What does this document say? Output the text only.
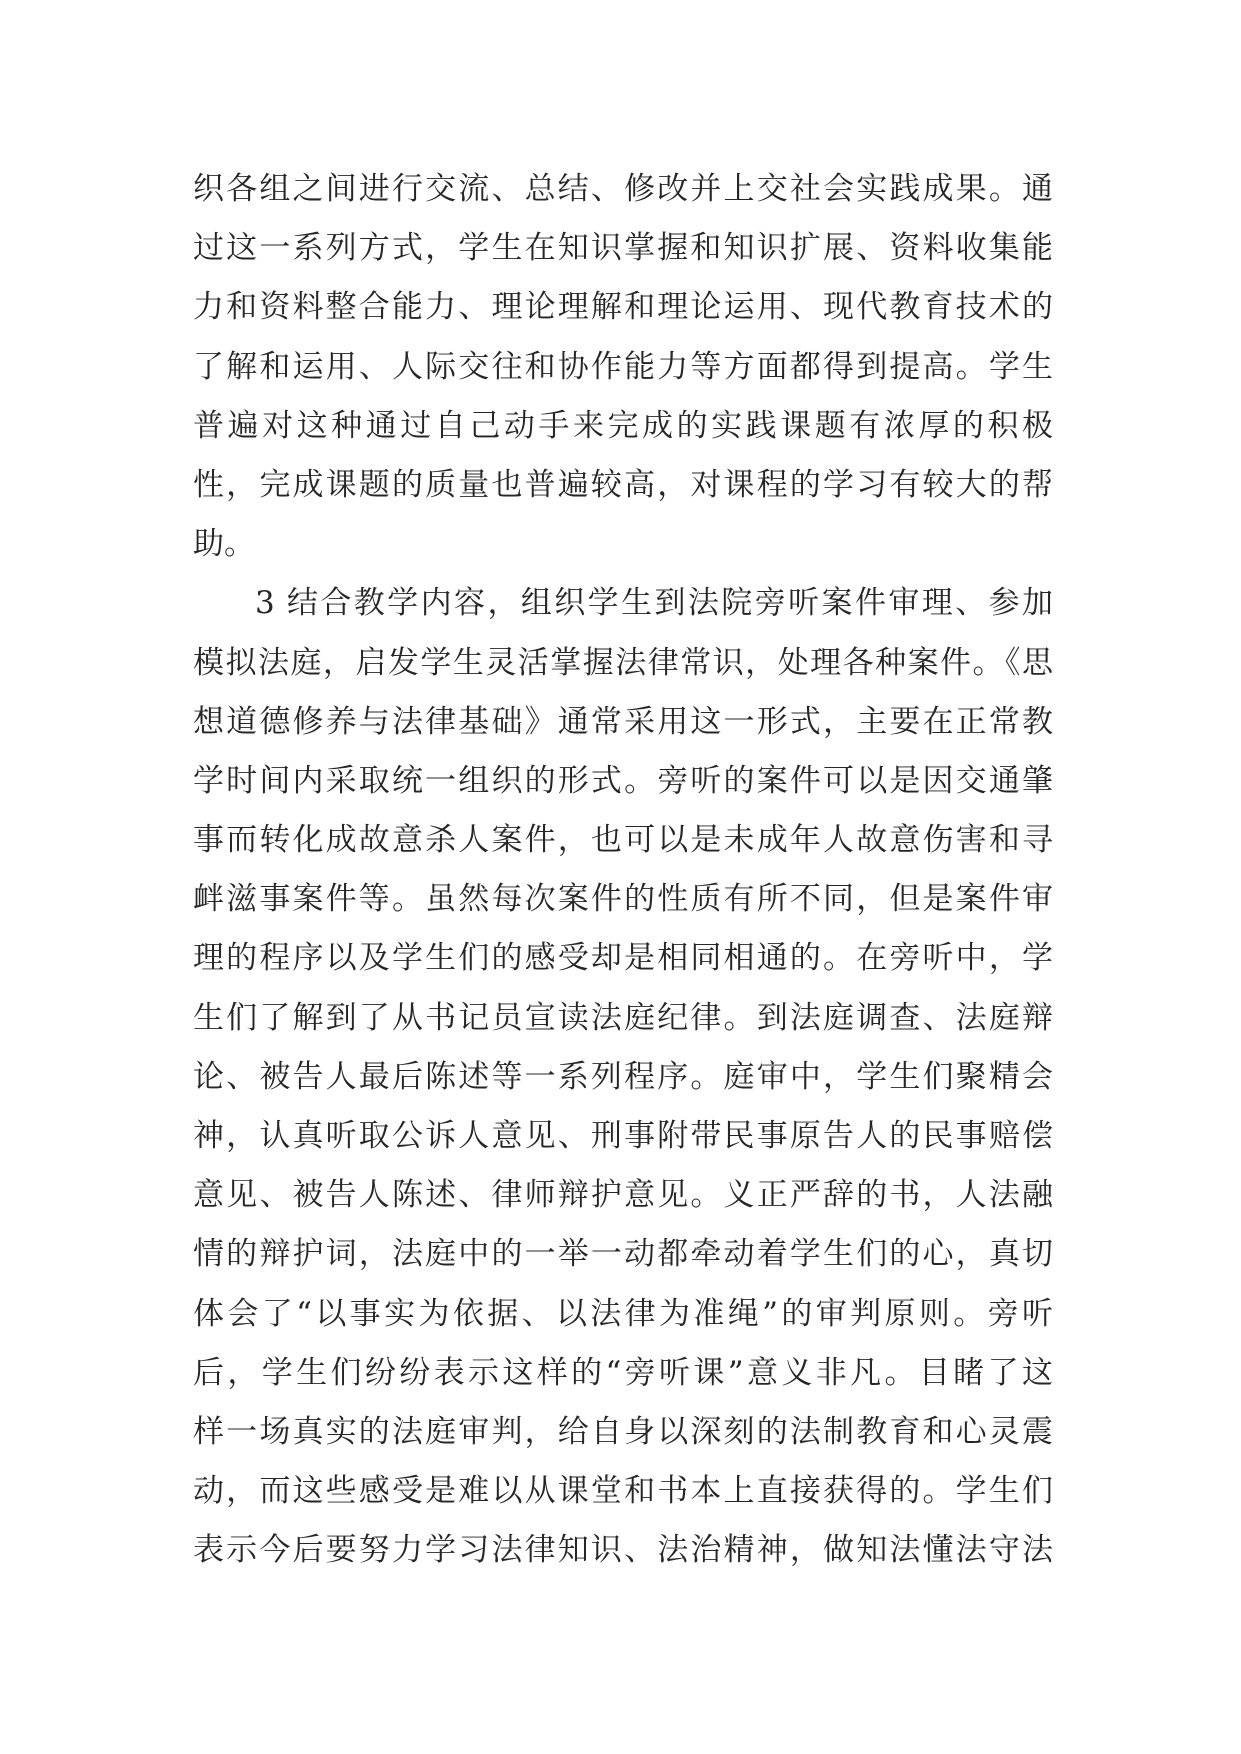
织各组之间进行交流、总结、修改并上交社会实践成果。通
过这一系列方式，学生在知识掌握和知识扩展、资料收集能
力和资料整合能力、理论理解和理论运用、现代教育技术的
了解和运用、人际交往和协作能力等方面都得到提高。学生
普遍对这种通过自己动手来完成的实践课题有浓厚的积极
性，完成课题的质量也普遍较高，对课程的学习有较大的帮
助。
3 结合教学内容，组织学生到法院旁听案件审理、参加
模拟法庭，启发学生灵活掌握法律常识，处理各种案件。《思
想道德修养与法律基础》通常采用这一形式，主要在正常教
学时间内采取统一组织的形式。旁听的案件可以是因交通肇
事而转化成故意杀人案件，也可以是未成年人故意伤害和寻
衅滋事案件等。虽然每次案件的性质有所不同，但是案件审
理的程序以及学生们的感受却是相同相通的。在旁听中，学
生们了解到了从书记员宣读法庭纪律。到法庭调查、法庭辩
论、被告人最后陈述等一系列程序。庭审中，学生们聚精会
神，认真听取公诉人意见、刑事附带民事原告人的民事赔偿
意见、被告人陈述、律师辩护意见。义正严辞的书，人法融
情的辩护词，法庭中的一举一动都牵动着学生们的心，真切
体会了“以事实为依据、以法律为准绳”的审判原则。旁听
后，学生们纷纷表示这样的“旁听课”意义非凡。目睹了这
样一场真实的法庭审判，给自身以深刻的法制教育和心灵震
动，而这些感受是难以从课堂和书本上直接获得的。学生们
表示今后要努力学习法律知识、法治精神，做知法懂法守法
